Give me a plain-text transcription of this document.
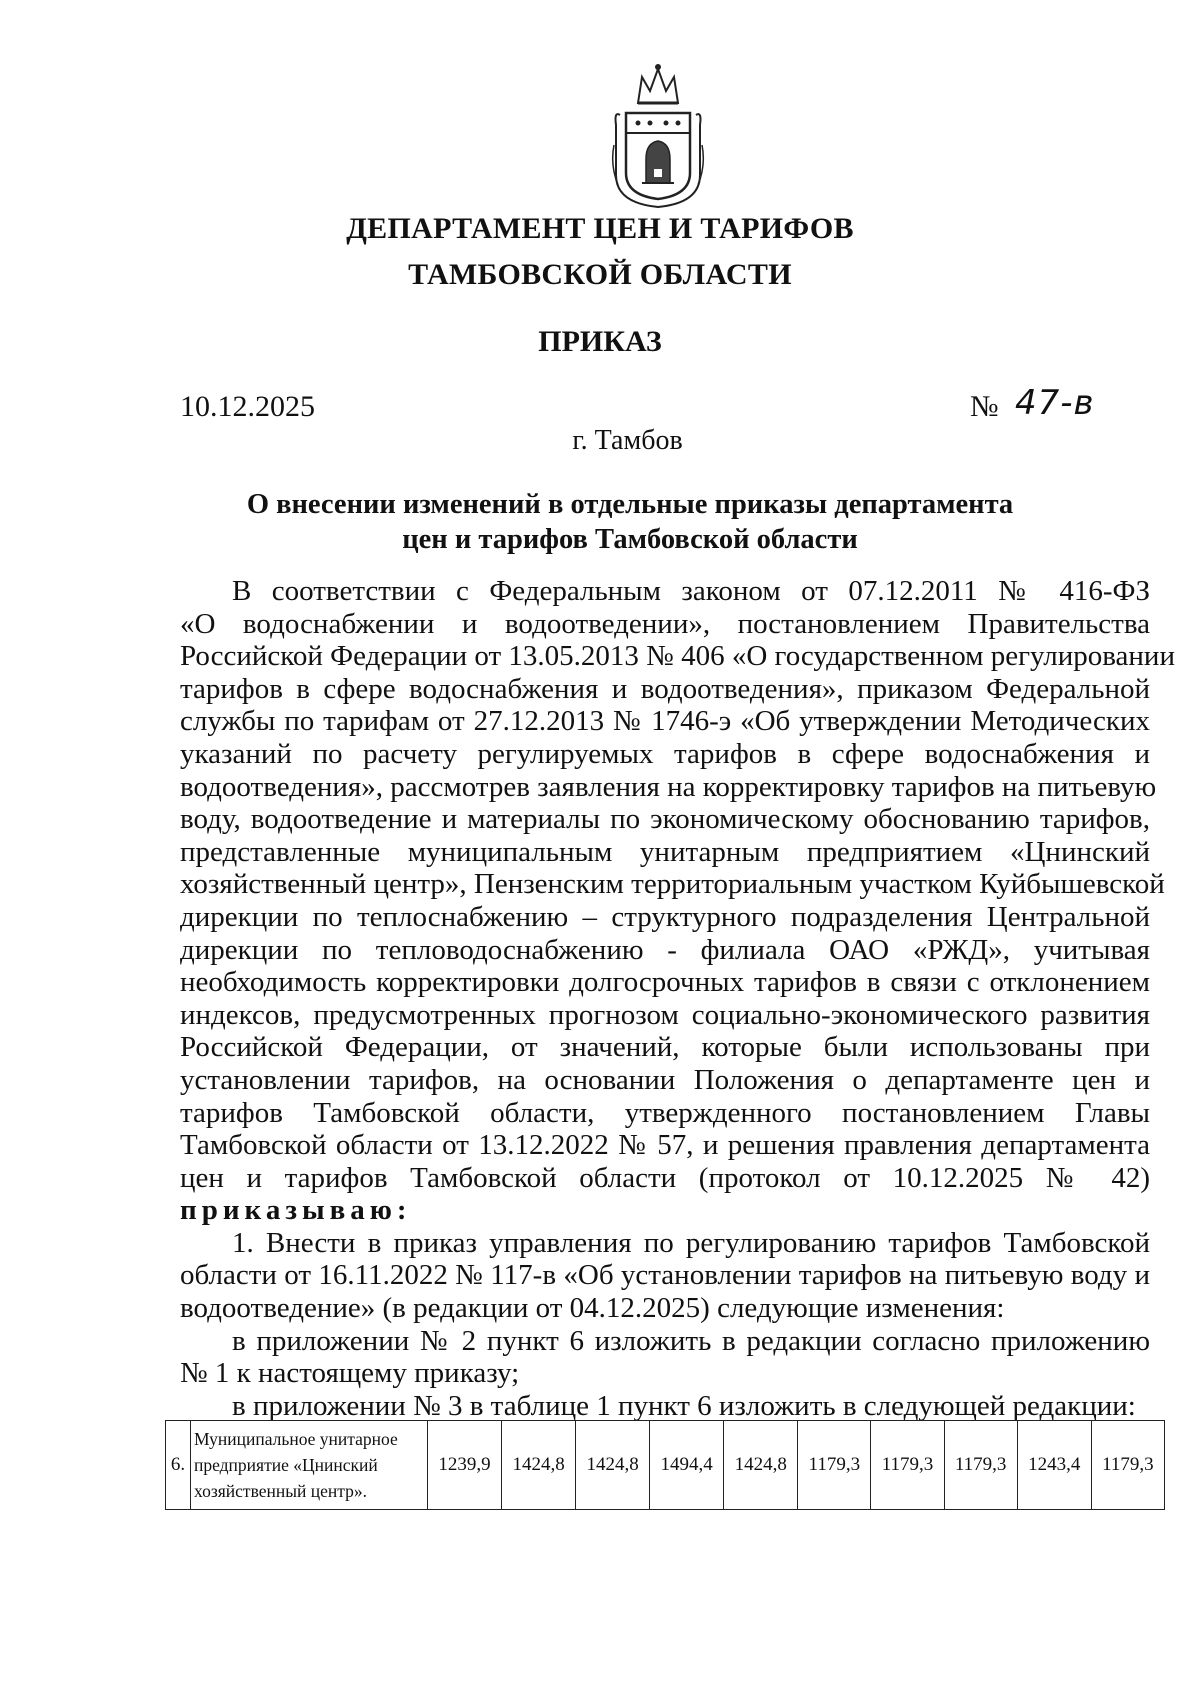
ДЕПАРТАМЕНТ ЦЕН И ТАРИФОВ
ТАМБОВСКОЙ ОБЛАСТИ
ПРИКАЗ
10.12.2025	№ 47-в
г. Тамбов
О внесении изменений в отдельные приказы департамента
цен и тарифов Тамбовской области
В соответствии с Федеральным законом от 07.12.2011 № 416-ФЗ
«О водоснабжении и водоотведении», постановлением Правительства
Российской Федерации от 13.05.2013 № 406 «О государственном регулировании
тарифов в сфере водоснабжения и водоотведения», приказом Федеральной
службы по тарифам от 27.12.2013 № 1746-э «Об утверждении Методических
указаний по расчету регулируемых тарифов в сфере водоснабжения и
водоотведения», рассмотрев заявления на корректировку тарифов на питьевую
воду, водоотведение и материалы по экономическому обоснованию тарифов,
представленные муниципальным унитарным предприятием «Цнинский
хозяйственный центр», Пензенским территориальным участком Куйбышевской
дирекции по теплоснабжению – структурного подразделения Центральной
дирекции по тепловодоснабжению - филиала ОАО «РЖД», учитывая
необходимость корректировки долгосрочных тарифов в связи с отклонением
индексов, предусмотренных прогнозом социально-экономического развития
Российской Федерации, от значений, которые были использованы при
установлении тарифов, на основании Положения о департаменте цен и
тарифов Тамбовской области, утвержденного постановлением Главы
Тамбовской области от 13.12.2022 № 57, и решения правления департамента
цен и тарифов Тамбовской области (протокол от 10.12.2025 № 42)
приказываю:
1. Внести в приказ управления по регулированию тарифов Тамбовской
области от 16.11.2022 № 117-в «Об установлении тарифов на питьевую воду и
водоотведение» (в редакции от 04.12.2025) следующие изменения:
в приложении № 2 пункт 6 изложить в редакции согласно приложению
№ 1 к настоящему приказу;
в приложении № 3 в таблице 1 пункт 6 изложить в следующей редакции:
6.	
Муниципальное унитарное
предприятие «Цнинский
хозяйственный центр».
	1239,9	1424,8	1424,8	1494,4	1424,8	1179,3	1179,3	1179,3	1243,4	1179,3
